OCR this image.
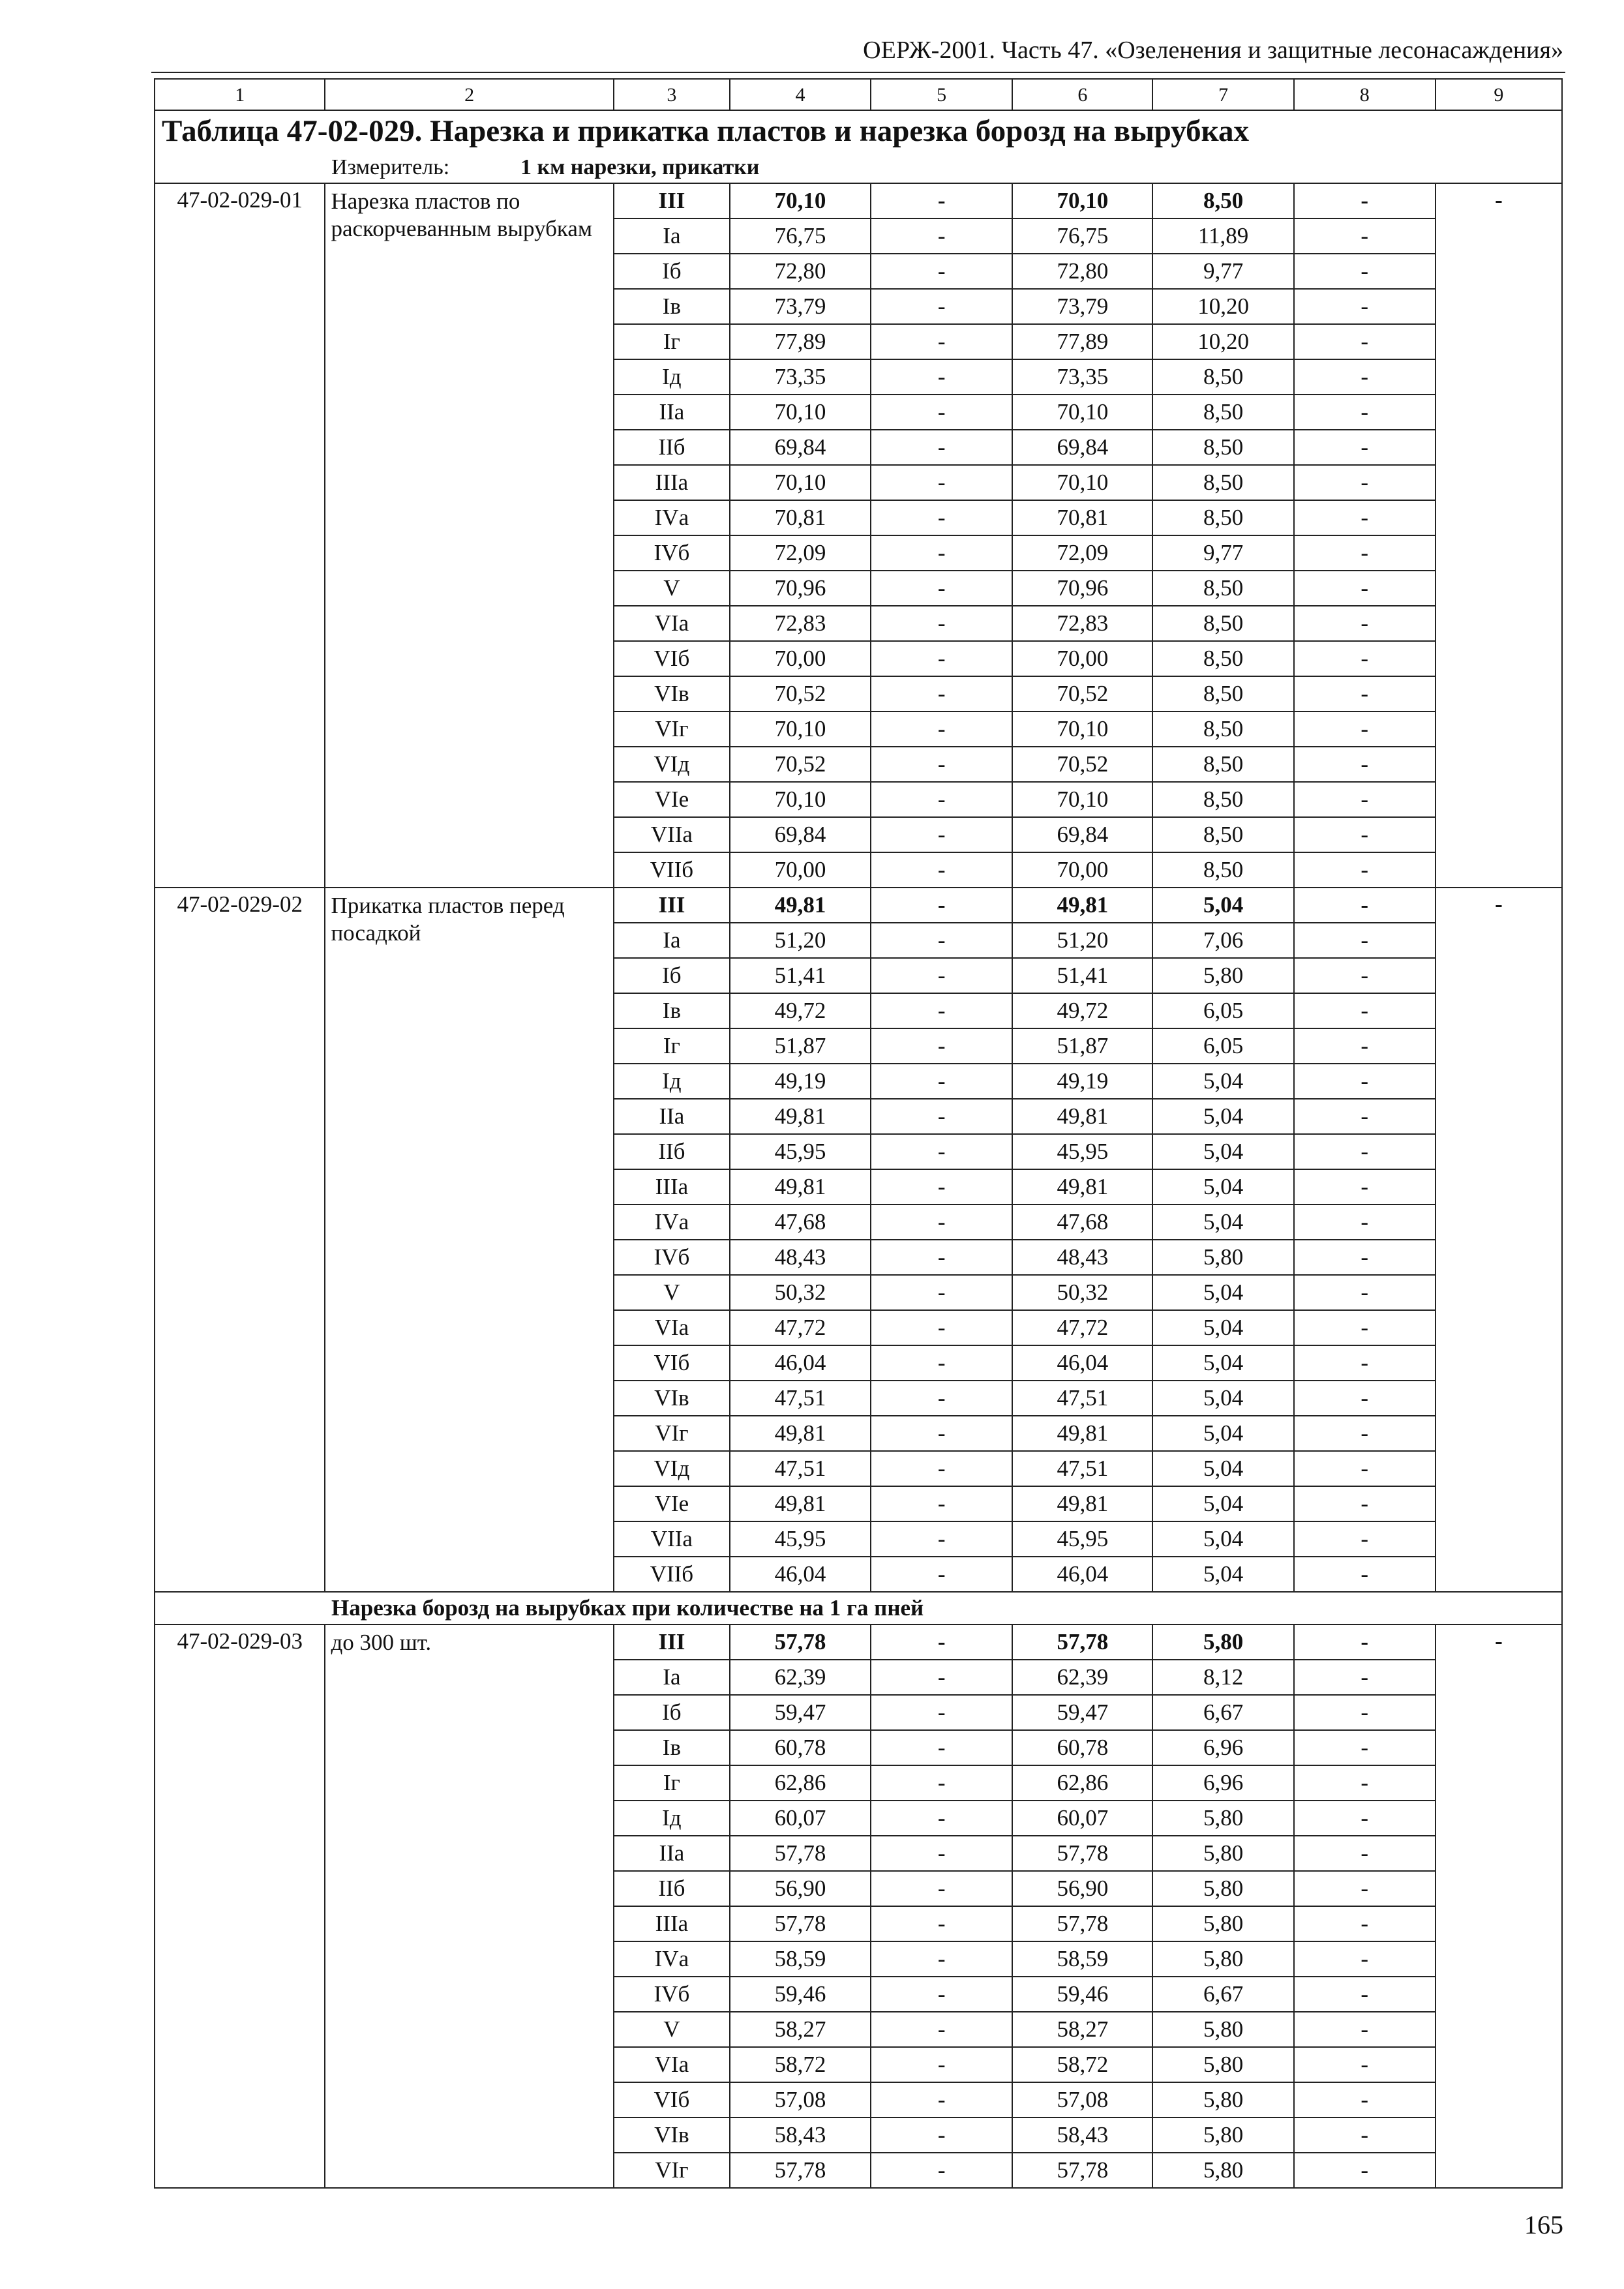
ОЕРЖ-2001. Часть 47. «Озеленения и защитные лесонасаждения»
1	2	3	4	5	6	7	8	9
Таблица 47-02-029. Нарезка и прикатка пластов и нарезка борозд на вырубках								
Измеритель: 1 км нарезки, прикатки								
47-02-029-01	Нарезка пластов по раскорчеванным вырубкам	III	70,10	-	70,10	8,50	-	-
		Iа	76,75	-	76,75	11,89	-	
		Iб	72,80	-	72,80	9,77	-	
		Iв	73,79	-	73,79	10,20	-	
		Iг	77,89	-	77,89	10,20	-	
		Iд	73,35	-	73,35	8,50	-	
		IIа	70,10	-	70,10	8,50	-	
		IIб	69,84	-	69,84	8,50	-	
		IIIа	70,10	-	70,10	8,50	-	
		IVа	70,81	-	70,81	8,50	-	
		IVб	72,09	-	72,09	9,77	-	
		V	70,96	-	70,96	8,50	-	
		VIа	72,83	-	72,83	8,50	-	
		VIб	70,00	-	70,00	8,50	-	
		VIв	70,52	-	70,52	8,50	-	
		VIг	70,10	-	70,10	8,50	-	
		VIд	70,52	-	70,52	8,50	-	
		VIе	70,10	-	70,10	8,50	-	
		VIIа	69,84	-	69,84	8,50	-	
		VIIб	70,00	-	70,00	8,50	-	
47-02-029-02	Прикатка пластов перед посадкой	III	49,81	-	49,81	5,04	-	-
		Iа	51,20	-	51,20	7,06	-	
		Iб	51,41	-	51,41	5,80	-	
		Iв	49,72	-	49,72	6,05	-	
		Iг	51,87	-	51,87	6,05	-	
		Iд	49,19	-	49,19	5,04	-	
		IIа	49,81	-	49,81	5,04	-	
		IIб	45,95	-	45,95	5,04	-	
		IIIа	49,81	-	49,81	5,04	-	
		IVа	47,68	-	47,68	5,04	-	
		IVб	48,43	-	48,43	5,80	-	
		V	50,32	-	50,32	5,04	-	
		VIа	47,72	-	47,72	5,04	-	
		VIб	46,04	-	46,04	5,04	-	
		VIв	47,51	-	47,51	5,04	-	
		VIг	49,81	-	49,81	5,04	-	
		VIд	47,51	-	47,51	5,04	-	
		VIе	49,81	-	49,81	5,04	-	
		VIIа	45,95	-	45,95	5,04	-	
		VIIб	46,04	-	46,04	5,04	-	
Нарезка борозд на вырубках при количестве на 1 га пней								
47-02-029-03	до 300 шт.	III	57,78	-	57,78	5,80	-	-
		Iа	62,39	-	62,39	8,12	-	
		Iб	59,47	-	59,47	6,67	-	
		Iв	60,78	-	60,78	6,96	-	
		Iг	62,86	-	62,86	6,96	-	
		Iд	60,07	-	60,07	5,80	-	
		IIа	57,78	-	57,78	5,80	-	
		IIб	56,90	-	56,90	5,80	-	
		IIIа	57,78	-	57,78	5,80	-	
		IVа	58,59	-	58,59	5,80	-	
		IVб	59,46	-	59,46	6,67	-	
		V	58,27	-	58,27	5,80	-	
		VIа	58,72	-	58,72	5,80	-	
		VIб	57,08	-	57,08	5,80	-	
		VIв	58,43	-	58,43	5,80	-	
		VIг	57,78	-	57,78	5,80	-	
165
